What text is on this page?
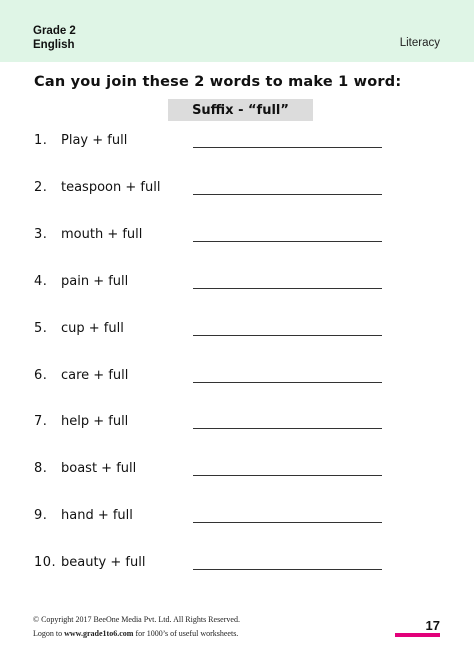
Grade 2
English	Literacy
Can you join these 2 words to make 1 word:
Suffix - “full”
1. Play + full
2. teaspoon + full
3. mouth + full
4. pain + full
5. cup + full
6. care + full
7. help + full
8. boast + full
9. hand + full
10. beauty + full
© Copyright 2017 BeeOne Media Pvt. Ltd. All Rights Reserved.
Logon to www.grade1to6.com for 1000’s of useful worksheets.
17
